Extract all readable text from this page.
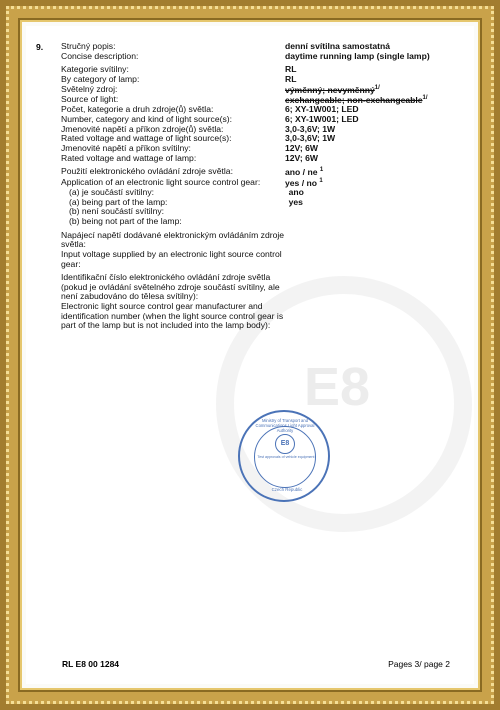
E8
9. Stručný popis:	denní svítilna samostatná
Concise description:	daytime running lamp (single lamp)
Kategorie svítilny:	RL
By category of lamp:	RL
Světelný zdroj:	výměnný; nevyměnný$^{1/}$
Source of light:	exchangeable; non-exchangeable$^{1/}$
Počet, kategorie a druh zdroje(ů) světla:	6; XY-1W001; LED
Number, category and kind of light source(s):	6; XY-1W001; LED
Jmenovité napětí a příkon zdroje(ů) světla:	3,0-3,6V; 1W
Rated voltage and wattage of light source(s):	3,0-3,6V; 1W
Jmenovité napětí a příkon svítilny:	12V; 6W
Rated voltage and wattage of lamp:	12V; 6W
Použití elektronického ovládání zdroje světla:	ano / ne $^1$
Application of an electronic light source control gear:	yes / no $^1$
(a) je součástí svítilny:	ano
(a) being part of the lamp:	yes
(b) není součástí svítilny:
(b) being not part of the lamp:
Napájecí napětí dodávané elektronickým ovládáním zdroje světla:
Input voltage supplied by an electronic light source control gear:
Identifikační číslo elektronického ovládání zdroje světla (pokud je ovládání světelného zdroje součástí svítilny, ale není zabudováno do tělesa svítilny):
Electronic light source control gear manufacturer and identification number (when the light source control gear is part of the lamp but is not included into the lamp body):
Ministry of Transport and Communications Light Approval Authority
E8
Test approvals of vehicle equipment
Czech Republic
RL E8 00 1284	Pages 3/ page 2
